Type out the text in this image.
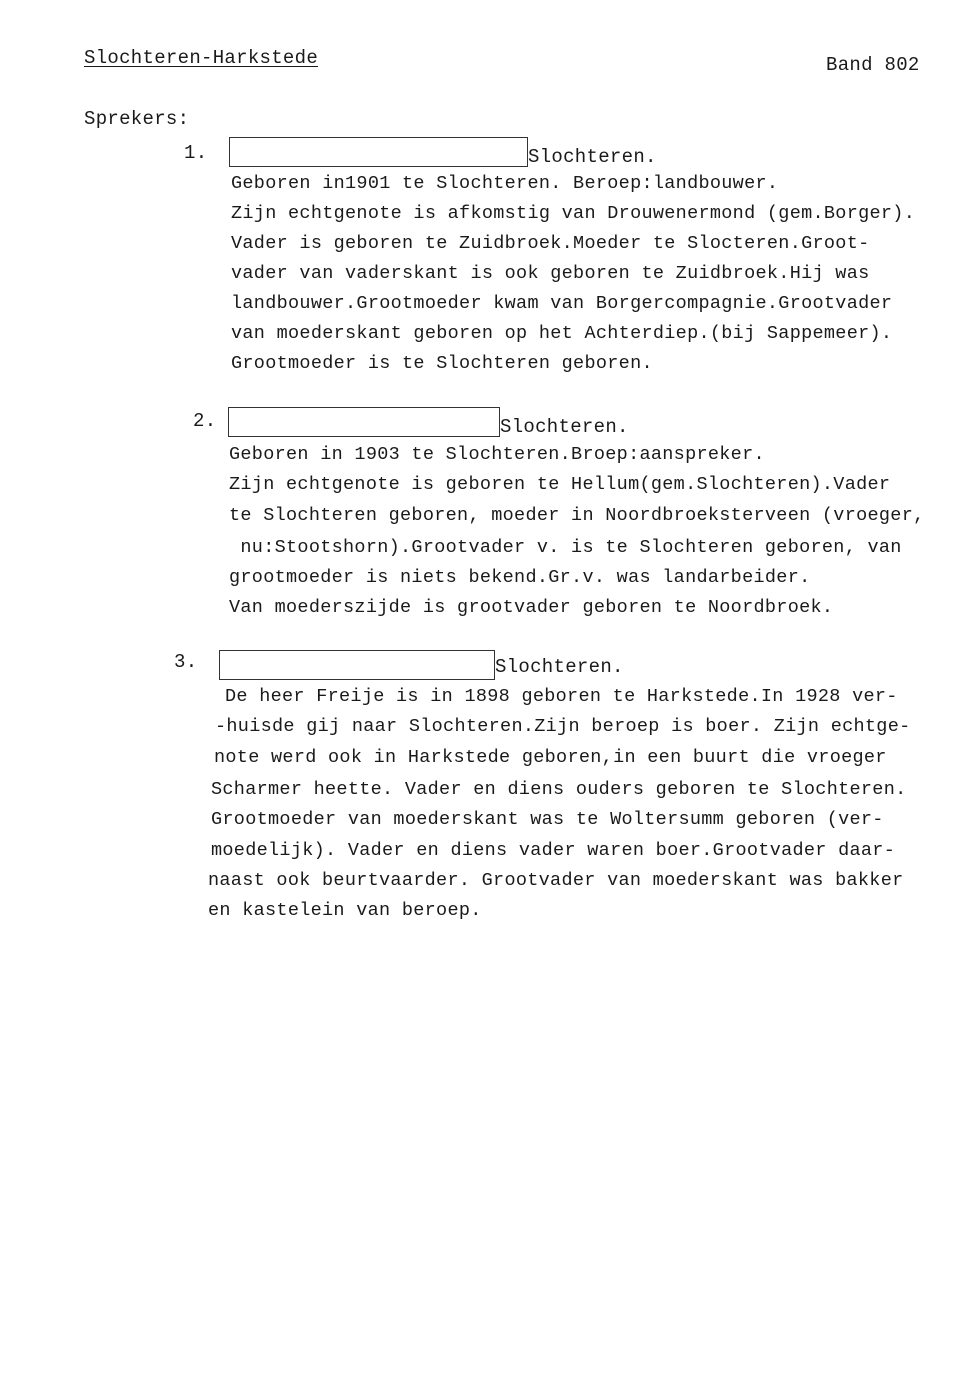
Slochteren-Harkstede	Band 802
Sprekers:
1.	Slochteren.
Geboren in1901 te Slochteren. Beroep:landbouwer.
Zijn echtgenote is afkomstig van Drouwenermond (gem.Borger).
Vader is geboren te Zuidbroek.Moeder te Slocteren.Groot-
vader van vaderskant is ook geboren te Zuidbroek.Hij was
landbouwer.Grootmoeder kwam van Borgercompagnie.Grootvader
van moederskant geboren op het Achterdiep.(bij Sappemeer).
Grootmoeder is te Slochteren geboren.
2.	Slochteren.
Geboren in 1903 te Slochteren.Broep:aanspreker.
Zijn echtgenote is geboren te Hellum(gem.Slochteren).Vader
te Slochteren geboren, moeder in Noordbroeksterveen (vroeger,
nu:Stootshorn).Grootvader v. is te Slochteren geboren, van
grootmoeder is niets bekend.Gr.v. was landarbeider.
Van moederszijde is grootvader geboren te Noordbroek.
3.	Slochteren.
De heer Freije is in 1898 geboren te Harkstede.In 1928 ver-
-huisde gij naar Slochteren.Zijn beroep is boer. Zijn echtge-
note werd ook in Harkstede geboren,in een buurt die vroeger
Scharmer heette. Vader en diens ouders geboren te Slochteren.
Grootmoeder van moederskant was te Woltersumm geboren (ver-
moedelijk). Vader en diens vader waren boer.Grootvader daar-
naast ook beurtvaarder. Grootvader van moederskant was bakker
en kastelein van beroep.
